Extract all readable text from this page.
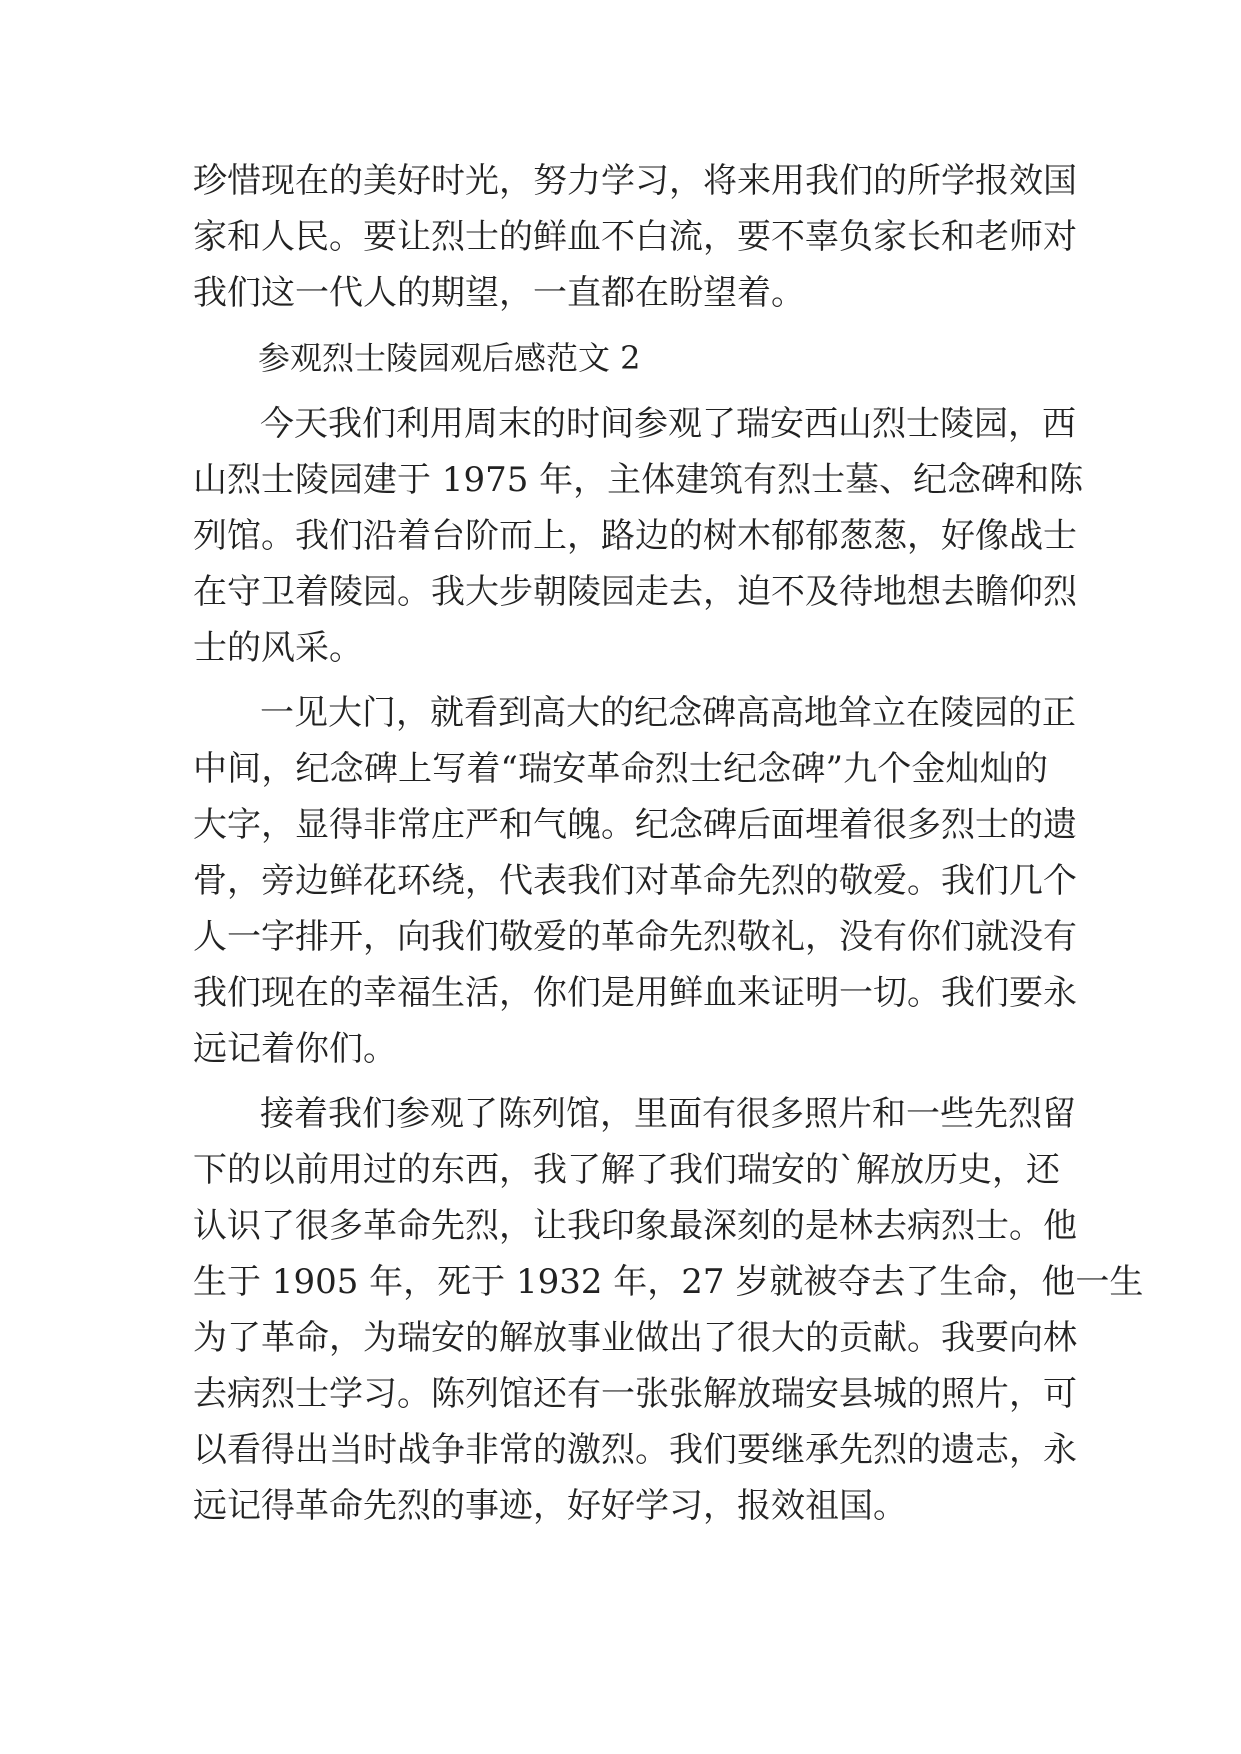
珍惜现在的美好时光，努力学习，将来用我们的所学报效国
家和人民。要让烈士的鲜血不白流，要不辜负家长和老师对
我们这一代人的期望，一直都在盼望着。
参观烈士陵园观后感范文 2
今天我们利用周末的时间参观了瑞安西山烈士陵园，西
山烈士陵园建于 1975 年，主体建筑有烈士墓、纪念碑和陈
列馆。我们沿着台阶而上，路边的树木郁郁葱葱，好像战士
在守卫着陵园。我大步朝陵园走去，迫不及待地想去瞻仰烈
士的风采。
一见大门，就看到高大的纪念碑高高地耸立在陵园的正
中间，纪念碑上写着“瑞安革命烈士纪念碑”九个金灿灿的
大字，显得非常庄严和气魄。纪念碑后面埋着很多烈士的遗
骨，旁边鲜花环绕，代表我们对革命先烈的敬爱。我们几个
人一字排开，向我们敬爱的革命先烈敬礼，没有你们就没有
我们现在的幸福生活，你们是用鲜血来证明一切。我们要永
远记着你们。
接着我们参观了陈列馆，里面有很多照片和一些先烈留
下的以前用过的东西，我了解了我们瑞安的`解放历史，还
认识了很多革命先烈，让我印象最深刻的是林去病烈士。他
生于 1905 年，死于 1932 年，27 岁就被夺去了生命，他一生
为了革命，为瑞安的解放事业做出了很大的贡献。我要向林
去病烈士学习。陈列馆还有一张张解放瑞安县城的照片，可
以看得出当时战争非常的激烈。我们要继承先烈的遗志，永
远记得革命先烈的事迹，好好学习，报效祖国。
